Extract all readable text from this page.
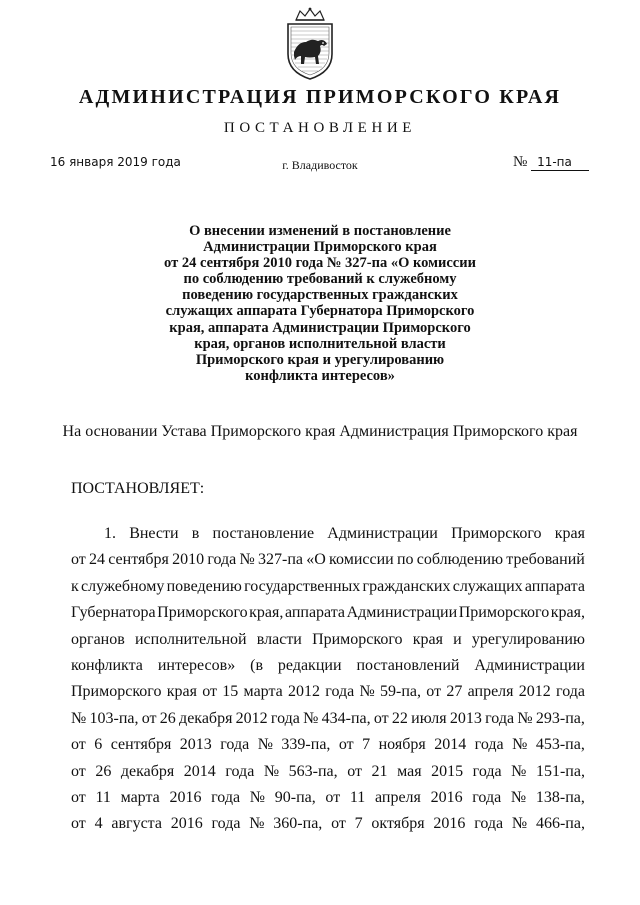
АДМИНИСТРАЦИЯ ПРИМОРСКОГО КРАЯ
ПОСТАНОВЛЕНИЕ
16 января 2019 года	г. Владивосток	№ 11-па
О внесении изменений в постановление
Администрации Приморского края
от 24 сентября 2010 года № 327-па «О комиссии
по соблюдению требований к служебному
поведению государственных гражданских
служащих аппарата Губернатора Приморского
края, аппарата Администрации Приморского
края, органов исполнительной власти
Приморского края и урегулированию
конфликта интересов»
На основании Устава Приморского края Администрация Приморского края
ПОСТАНОВЛЯЕТ:
1. Внести в постановление Администрации Приморского края
от 24 сентября 2010 года № 327-па «О комиссии по соблюдению требований
к служебному поведению государственных гражданских служащих аппарата
Губернатора Приморского края, аппарата Администрации Приморского края,
органов исполнительной власти Приморского края и урегулированию
конфликта интересов» (в редакции постановлений Администрации
Приморского края от 15 марта 2012 года № 59-па, от 27 апреля 2012 года
№ 103-па, от 26 декабря 2012 года № 434-па, от 22 июля 2013 года № 293-па,
от 6 сентября 2013 года № 339-па, от 7 ноября 2014 года № 453-па,
от 26 декабря 2014 года № 563-па, от 21 мая 2015 года № 151-па,
от 11 марта 2016 года № 90-па, от 11 апреля 2016 года № 138-па,
от 4 августа 2016 года № 360-па, от 7 октября 2016 года № 466-па,
